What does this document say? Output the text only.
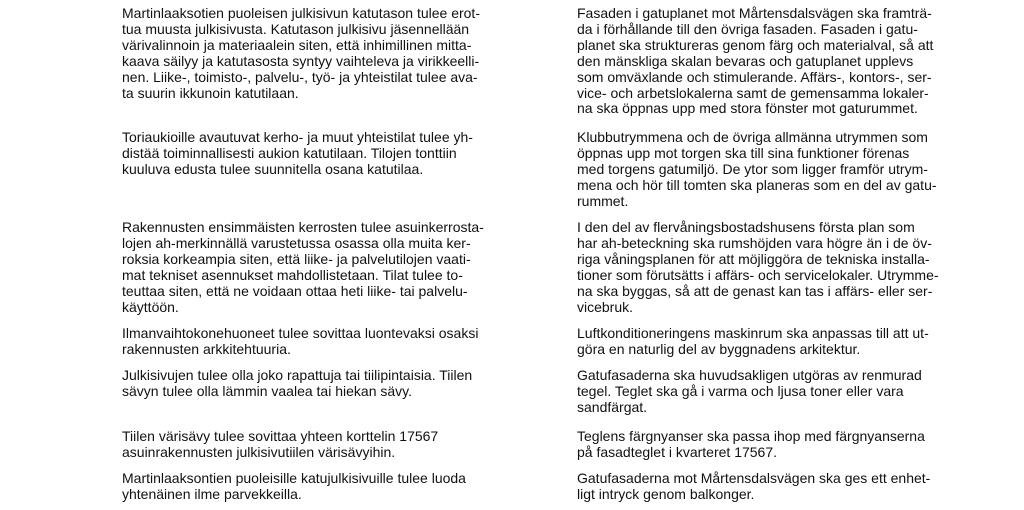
Martinlaaksotien puoleisen julkisivun katutason tulee erot-
tua muusta julkisivusta. Katutason julkisivu jäsennellään
värivalinnoin ja materiaalein siten, että inhimillinen mitta-
kaava säilyy ja katutasosta syntyy vaihteleva ja virikkeelli-
nen. Liike-, toimisto-, palvelu-, työ- ja yhteistilat tulee ava-
ta suurin ikkunoin katutilaan.

Toriaukioille avautuvat kerho- ja muut yhteistilat tulee yh-
distää toiminnallisesti aukion katutilaan. Tilojen tonttiin
kuuluva edusta tulee suunnitella osana katutilaa.

Rakennusten ensimmäisten kerrosten tulee asuinkerrosta-
lojen ah-merkinnällä varustetussa osassa olla muita ker-
roksia korkeampia siten, että liike- ja palvelutilojen vaati-
mat tekniset asennukset mahdollistetaan. Tilat tulee to-
teuttaa siten, että ne voidaan ottaa heti liike- tai palvelu-
käyttöön.

Ilmanvaihtokonehuoneet tulee sovittaa luontevaksi osaksi
rakennusten arkkitehtuuria.

Julkisivujen tulee olla joko rapattuja tai tiilipintaisia. Tiilen
sävyn tulee olla lämmin vaalea tai hiekan sävy.

Tiilen värisävy tulee sovittaa yhteen korttelin 17567
asuinrakennusten julkisivutiilen värisävyihin.

Martinlaaksontien puoleisille katujulkisivuille tulee luoda
yhtenäinen ilme parvekkeilla.

Fasaden i gatuplanet mot Mårtensdalsvägen ska framträ-
da i förhållande till den övriga fasaden. Fasaden i gatu-
planet ska struktureras genom färg och materialval, så att
den mänskliga skalan bevaras och gatuplanet upplevs
som omväxlande och stimulerande. Affärs-, kontors-, ser-
vice- och arbetslokalerna samt de gemensamma lokaler-
na ska öppnas upp med stora fönster mot gaturummet.

Klubbutrymmena och de övriga allmänna utrymmen som
öppnas upp mot torgen ska till sina funktioner förenas
med torgens gatumiljö. De ytor som ligger framför utrym-
mena och hör till tomten ska planeras som en del av gatu-
rummet.

I den del av flervåningsbostadshusens första plan som
har ah-beteckning ska rumshöjden vara högre än i de öv-
riga våningsplanen för att möjliggöra de tekniska installa-
tioner som förutsätts i affärs- och servicelokaler. Utrymme-
na ska byggas, så att de genast kan tas i affärs- eller ser-
vicebruk.

Luftkonditioneringens maskinrum ska anpassas till att ut-
göra en naturlig del av byggnadens arkitektur.

Gatufasaderna ska huvudsakligen utgöras av renmurad
tegel. Teglet ska gå i varma och ljusa toner eller vara
sandfärgat.

Teglens färgnyanser ska passa ihop med färgnyanserna
på fasadteglet i kvarteret 17567.

Gatufasaderna mot Mårtensdalsvägen ska ges ett enhet-
ligt intryck genom balkonger.
